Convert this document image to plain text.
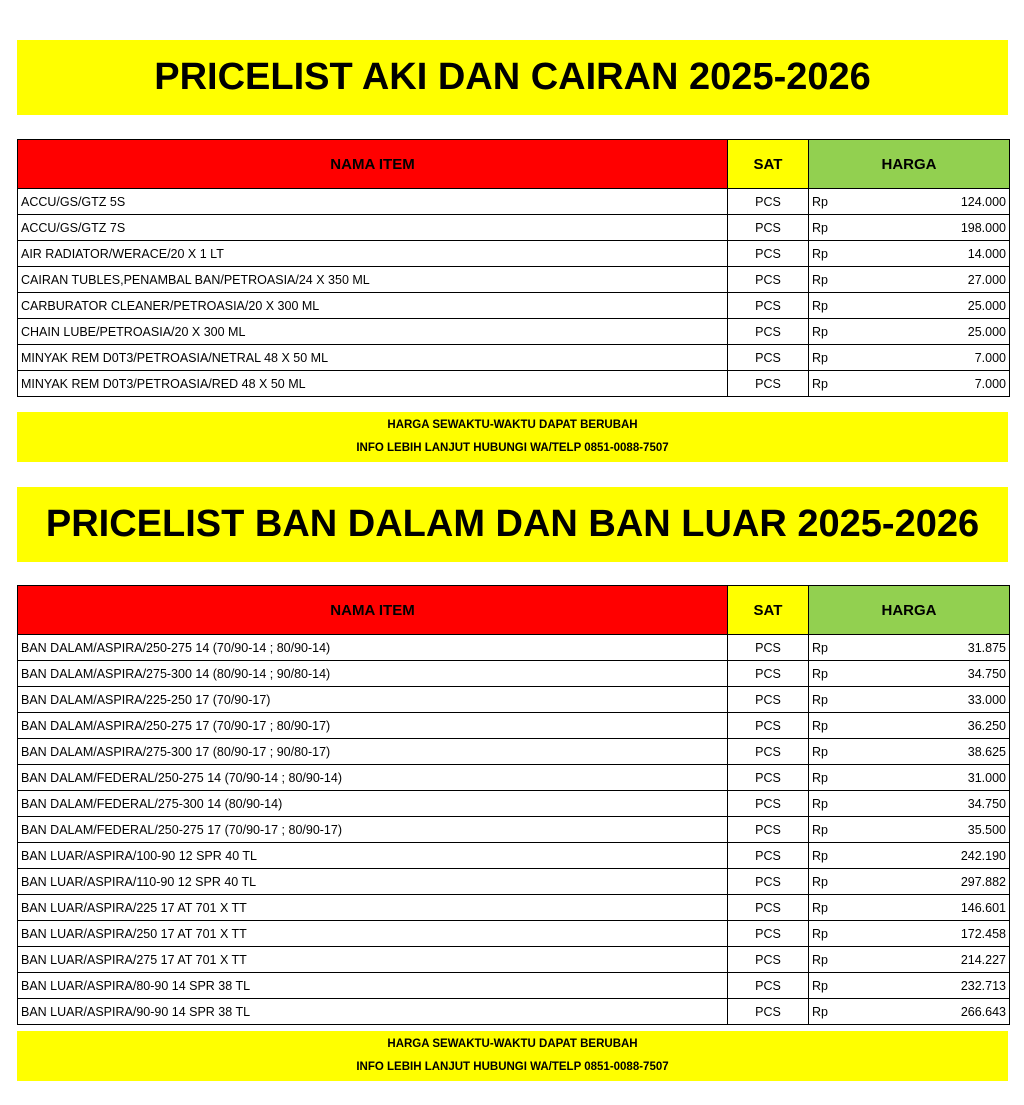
PRICELIST AKI DAN CAIRAN 2025-2026
NAMA ITEM	SAT	HARGA
ACCU/GS/GTZ 5S	PCS	Rp 124.000

ACCU/GS/GTZ 7S	PCS	Rp 198.000

AIR RADIATOR/WERACE/20 X 1 LT	PCS	Rp 14.000

CAIRAN TUBLES,PENAMBAL BAN/PETROASIA/24 X 350 ML	PCS	Rp 27.000

CARBURATOR CLEANER/PETROASIA/20 X 300 ML	PCS	Rp 25.000

CHAIN LUBE/PETROASIA/20 X 300 ML	PCS	Rp 25.000

MINYAK REM D0T3/PETROASIA/NETRAL 48 X 50 ML	PCS	Rp 7.000

MINYAK REM D0T3/PETROASIA/RED 48 X 50 ML	PCS	Rp 7.000
HARGA SEWAKTU-WAKTU DAPAT BERUBAH
INFO LEBIH LANJUT HUBUNGI WA/TELP 0851-0088-7507
PRICELIST BAN DALAM DAN BAN LUAR 2025-2026
NAMA ITEM	SAT	HARGA
BAN DALAM/ASPIRA/250-275 14 (70/90-14 ; 80/90-14)	PCS	Rp 31.875

BAN DALAM/ASPIRA/275-300 14 (80/90-14 ; 90/80-14)	PCS	Rp 34.750

BAN DALAM/ASPIRA/225-250 17 (70/90-17)	PCS	Rp 33.000

BAN DALAM/ASPIRA/250-275 17 (70/90-17 ; 80/90-17)	PCS	Rp 36.250

BAN DALAM/ASPIRA/275-300 17 (80/90-17 ; 90/80-17)	PCS	Rp 38.625

BAN DALAM/FEDERAL/250-275 14 (70/90-14 ; 80/90-14)	PCS	Rp 31.000

BAN DALAM/FEDERAL/275-300 14 (80/90-14)	PCS	Rp 34.750

BAN DALAM/FEDERAL/250-275 17 (70/90-17 ; 80/90-17)	PCS	Rp 35.500

BAN LUAR/ASPIRA/100-90 12 SPR 40 TL	PCS	Rp 242.190

BAN LUAR/ASPIRA/110-90 12 SPR 40 TL	PCS	Rp 297.882

BAN LUAR/ASPIRA/225 17 AT 701 X TT	PCS	Rp 146.601

BAN LUAR/ASPIRA/250 17 AT 701 X TT	PCS	Rp 172.458

BAN LUAR/ASPIRA/275 17 AT 701 X TT	PCS	Rp 214.227

BAN LUAR/ASPIRA/80-90 14 SPR 38 TL	PCS	Rp 232.713

BAN LUAR/ASPIRA/90-90 14 SPR 38 TL	PCS	Rp 266.643
HARGA SEWAKTU-WAKTU DAPAT BERUBAH
INFO LEBIH LANJUT HUBUNGI WA/TELP 0851-0088-7507
